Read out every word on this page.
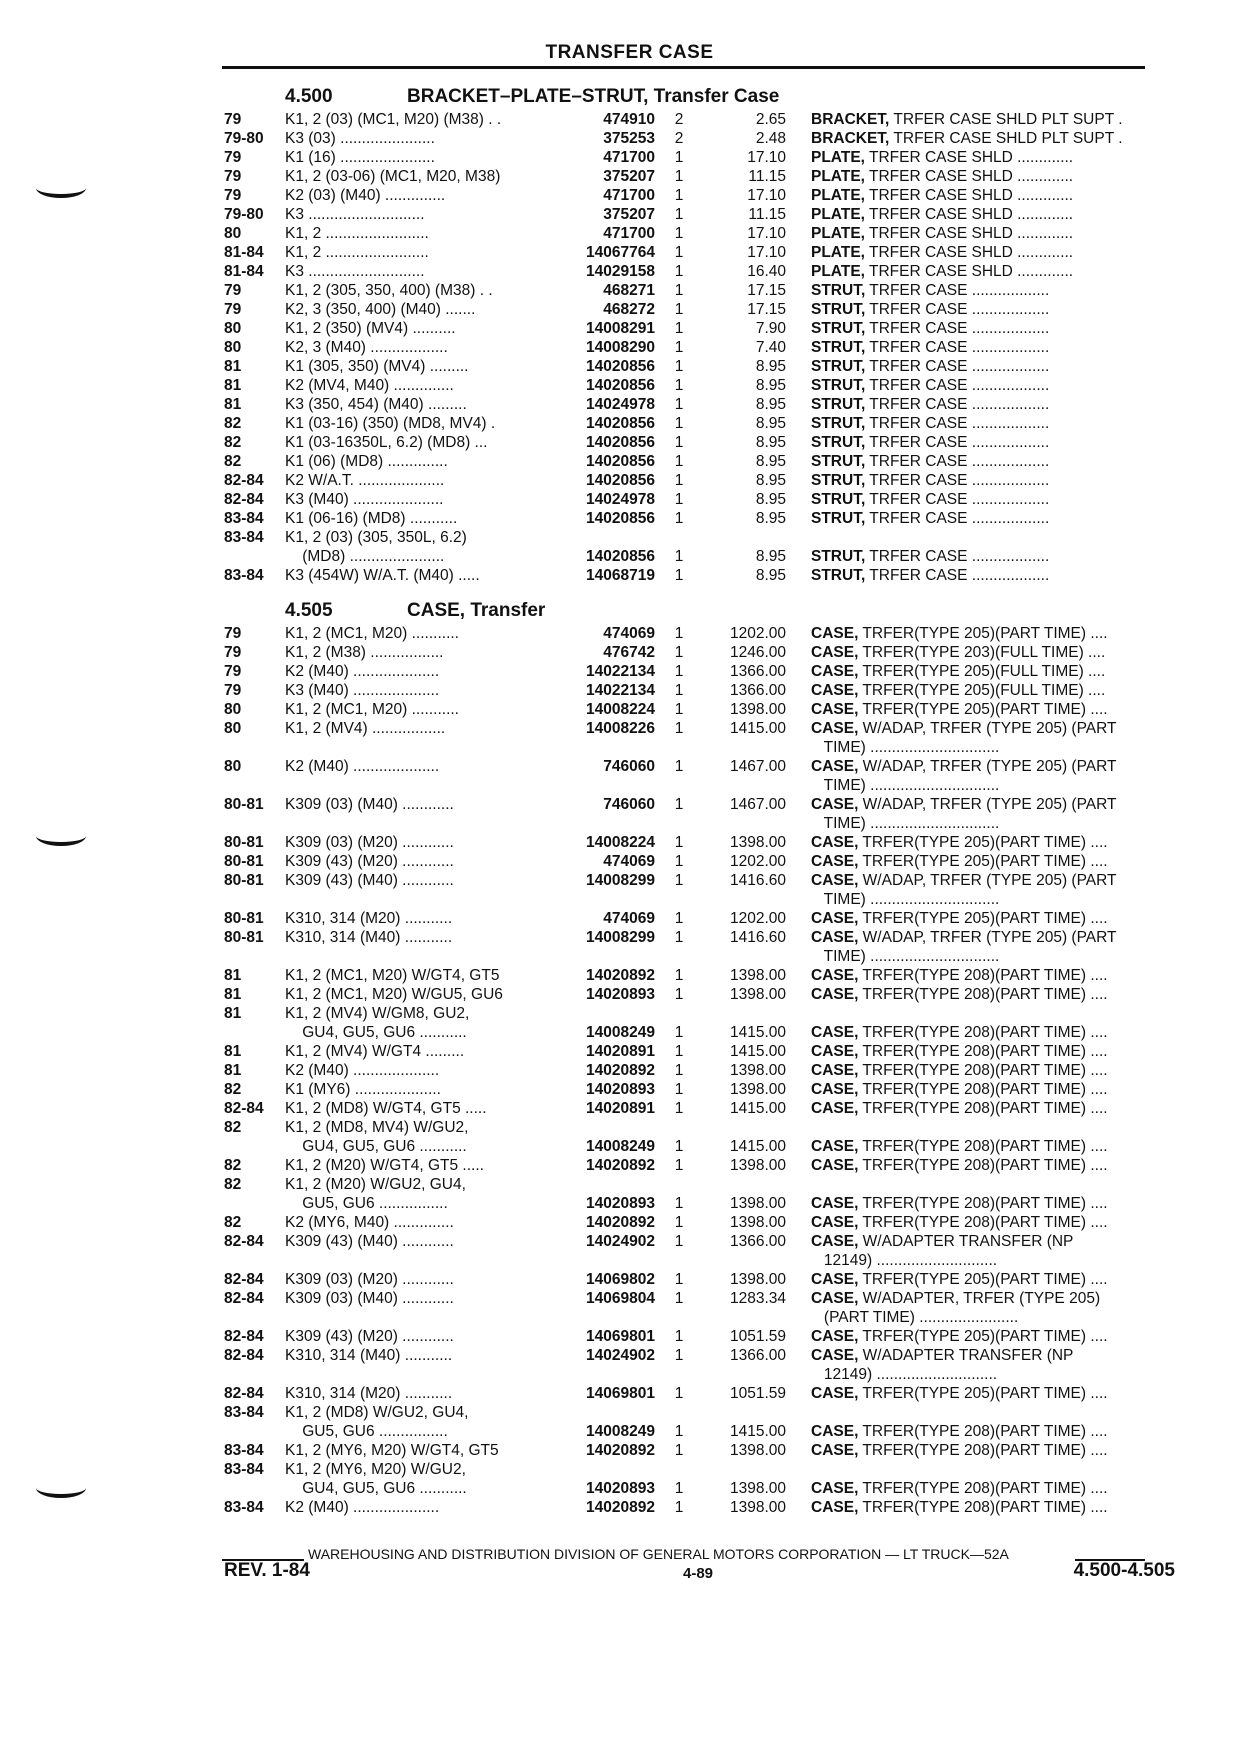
TRANSFER CASE
4.500	BRACKET–PLATE–STRUT, Transfer Case
4.505	CASE, Transfer
79	K1, 2 (03) (MC1, M20) (M38) . .	474910	2	2.65 BRACKET, TRFER CASE SHLD PLT SUPT .
79-80	K3 (03) ......................	375253	2	2.48 BRACKET, TRFER CASE SHLD PLT SUPT .
79	K1 (16) ......................	471700	1	17.10 PLATE, TRFER CASE SHLD .............
79	K1, 2 (03-06) (MC1, M20, M38)	375207	1	11.15 PLATE, TRFER CASE SHLD .............
79	K2 (03) (M40) ..............	471700	1	17.10 PLATE, TRFER CASE SHLD .............
79-80	K3 ...........................	375207	1	11.15 PLATE, TRFER CASE SHLD .............
80	K1, 2 ........................	471700	1	17.10 PLATE, TRFER CASE SHLD .............
81-84	K1, 2 ........................	14067764	1	17.10 PLATE, TRFER CASE SHLD .............
81-84	K3 ...........................	14029158	1	16.40 PLATE, TRFER CASE SHLD .............
79	K1, 2 (305, 350, 400) (M38) . .	468271	1	17.15 STRUT, TRFER CASE ..................
79	K2, 3 (350, 400) (M40) .......	468272	1	17.15 STRUT, TRFER CASE ..................
80	K1, 2 (350) (MV4) ..........	14008291	1	7.90 STRUT, TRFER CASE ..................
80	K2, 3 (M40) ..................	14008290	1	7.40 STRUT, TRFER CASE ..................
81	K1 (305, 350) (MV4) .........	14020856	1	8.95 STRUT, TRFER CASE ..................
81	K2 (MV4, M40) ..............	14020856	1	8.95 STRUT, TRFER CASE ..................
81	K3 (350, 454) (M40) .........	14024978	1	8.95 STRUT, TRFER CASE ..................
82	K1 (03-16) (350) (MD8, MV4) .	14020856	1	8.95 STRUT, TRFER CASE ..................
82	K1 (03-16350L, 6.2) (MD8) ...	14020856	1	8.95 STRUT, TRFER CASE ..................
82	K1 (06) (MD8) ..............	14020856	1	8.95 STRUT, TRFER CASE ..................
82-84	K2 W/A.T. ....................	14020856	1	8.95 STRUT, TRFER CASE ..................
82-84	K3 (M40) .....................	14024978	1	8.95 STRUT, TRFER CASE ..................
83-84	K1 (06-16) (MD8) ...........	14020856	1	8.95 STRUT, TRFER CASE ..................
83-84	K1, 2 (03) (305, 350L, 6.2)
(MD8) ......................	14020856	1	8.95 STRUT, TRFER CASE ..................
83-84	K3 (454W) W/A.T. (M40) .....	14068719	1	8.95 STRUT, TRFER CASE ..................
79	K1, 2 (MC1, M20) ...........	474069	1	1202.00 CASE, TRFER(TYPE 205)(PART TIME) ....
79	K1, 2 (M38) .................	476742	1	1246.00 CASE, TRFER(TYPE 203)(FULL TIME) ....
79	K2 (M40) ....................	14022134	1	1366.00 CASE, TRFER(TYPE 205)(FULL TIME) ....
79	K3 (M40) ....................	14022134	1	1366.00 CASE, TRFER(TYPE 205)(FULL TIME) ....
80	K1, 2 (MC1, M20) ...........	14008224	1	1398.00 CASE, TRFER(TYPE 205)(PART TIME) ....
80	K1, 2 (MV4) .................	14008226	1	1415.00 CASE, W/ADAP, TRFER (TYPE 205) (PART
TIME) ..............................
80	K2 (M40) ....................	746060	1	1467.00 CASE, W/ADAP, TRFER (TYPE 205) (PART
TIME) ..............................
80-81	K309 (03) (M40) ............	746060	1	1467.00 CASE, W/ADAP, TRFER (TYPE 205) (PART
TIME) ..............................
80-81	K309 (03) (M20) ............	14008224	1	1398.00 CASE, TRFER(TYPE 205)(PART TIME) ....
80-81	K309 (43) (M20) ............	474069	1	1202.00 CASE, TRFER(TYPE 205)(PART TIME) ....
80-81	K309 (43) (M40) ............	14008299	1	1416.60 CASE, W/ADAP, TRFER (TYPE 205) (PART
TIME) ..............................
80-81	K310, 314 (M20) ...........	474069	1	1202.00 CASE, TRFER(TYPE 205)(PART TIME) ....
80-81	K310, 314 (M40) ...........	14008299	1	1416.60 CASE, W/ADAP, TRFER (TYPE 205) (PART
TIME) ..............................
81	K1, 2 (MC1, M20) W/GT4, GT5	14020892	1	1398.00 CASE, TRFER(TYPE 208)(PART TIME) ....
81	K1, 2 (MC1, M20) W/GU5, GU6	14020893	1	1398.00 CASE, TRFER(TYPE 208)(PART TIME) ....
81	K1, 2 (MV4) W/GM8, GU2,
GU4, GU5, GU6 ...........	14008249	1	1415.00 CASE, TRFER(TYPE 208)(PART TIME) ....
81	K1, 2 (MV4) W/GT4 .........	14020891	1	1415.00 CASE, TRFER(TYPE 208)(PART TIME) ....
81	K2 (M40) ....................	14020892	1	1398.00 CASE, TRFER(TYPE 208)(PART TIME) ....
82	K1 (MY6) ....................	14020893	1	1398.00 CASE, TRFER(TYPE 208)(PART TIME) ....
82-84	K1, 2 (MD8) W/GT4, GT5 .....	14020891	1	1415.00 CASE, TRFER(TYPE 208)(PART TIME) ....
82	K1, 2 (MD8, MV4) W/GU2,
GU4, GU5, GU6 ...........	14008249	1	1415.00 CASE, TRFER(TYPE 208)(PART TIME) ....
82	K1, 2 (M20) W/GT4, GT5 .....	14020892	1	1398.00 CASE, TRFER(TYPE 208)(PART TIME) ....
82	K1, 2 (M20) W/GU2, GU4,
GU5, GU6 ................	14020893	1	1398.00 CASE, TRFER(TYPE 208)(PART TIME) ....
82	K2 (MY6, M40) ..............	14020892	1	1398.00 CASE, TRFER(TYPE 208)(PART TIME) ....
82-84	K309 (43) (M40) ............	14024902	1	1366.00 CASE, W/ADAPTER TRANSFER (NP
12149) ............................
82-84	K309 (03) (M20) ............	14069802	1	1398.00 CASE, TRFER(TYPE 205)(PART TIME) ....
82-84	K309 (03) (M40) ............	14069804	1	1283.34 CASE, W/ADAPTER, TRFER (TYPE 205)
(PART TIME) .......................
82-84	K309 (43) (M20) ............	14069801	1	1051.59 CASE, TRFER(TYPE 205)(PART TIME) ....
82-84	K310, 314 (M40) ...........	14024902	1	1366.00 CASE, W/ADAPTER TRANSFER (NP
12149) ............................
82-84	K310, 314 (M20) ...........	14069801	1	1051.59 CASE, TRFER(TYPE 205)(PART TIME) ....
83-84	K1, 2 (MD8) W/GU2, GU4,
GU5, GU6 ................	14008249	1	1415.00 CASE, TRFER(TYPE 208)(PART TIME) ....
83-84	K1, 2 (MY6, M20) W/GT4, GT5	14020892	1	1398.00 CASE, TRFER(TYPE 208)(PART TIME) ....
83-84	K1, 2 (MY6, M20) W/GU2,
GU4, GU5, GU6 ...........	14020893	1	1398.00 CASE, TRFER(TYPE 208)(PART TIME) ....
83-84	K2 (M40) ....................	14020892	1	1398.00 CASE, TRFER(TYPE 208)(PART TIME) ....
WAREHOUSING AND DISTRIBUTION DIVISION OF GENERAL MOTORS CORPORATION — LT TRUCK—52A
REV. 1-84	4-89	4.500-4.505
